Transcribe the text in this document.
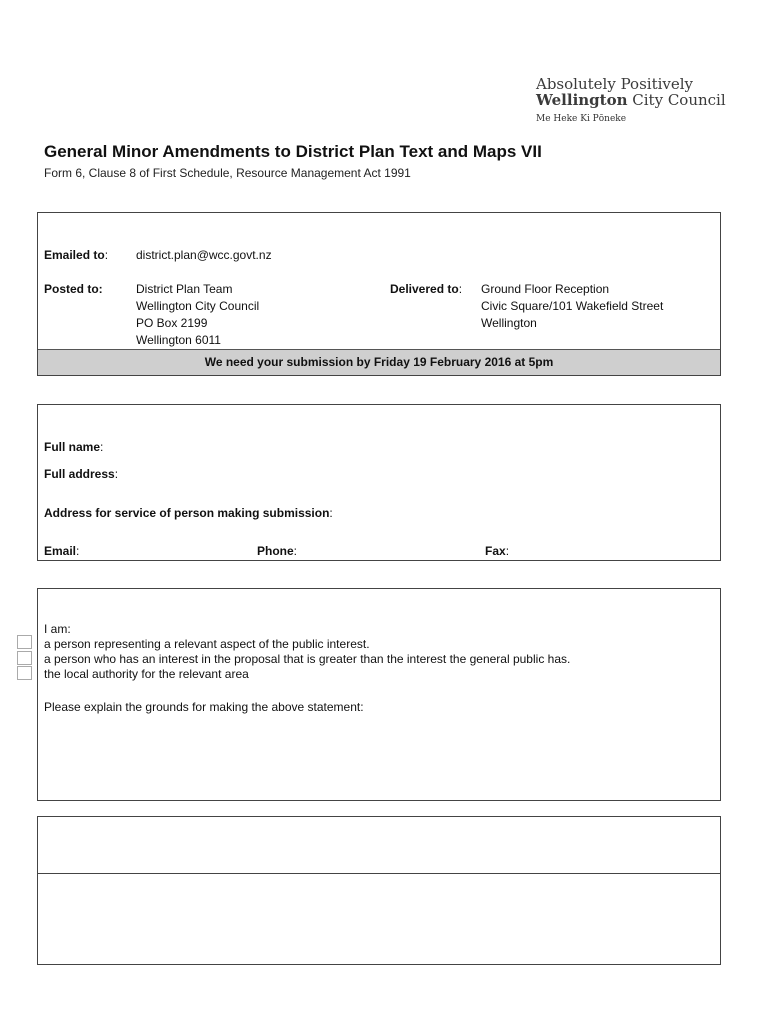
Absolutely Positively
Wellington City Council
Me Heke Ki Pōneke
General Minor Amendments to District Plan Text and Maps VII
Form 6, Clause 8 of First Schedule, Resource Management Act 1991
Emailed to: district.plan@wcc.govt.nz
Posted to:	District Plan Team
Wellington City Council
PO Box 2199
Wellington 6011
Delivered to: Ground Floor Reception
Civic Square/101 Wakefield Street
Wellington
We need your submission by Friday 19 February 2016 at 5pm
Full name:
Full address:
Address for service of person making submission:
Email:	Phone:	Fax:
I am:
a person representing a relevant aspect of the public interest.
a person who has an interest in the proposal that is greater than the interest the general public has.
the local authority for the relevant area
Please explain the grounds for making the above statement:
